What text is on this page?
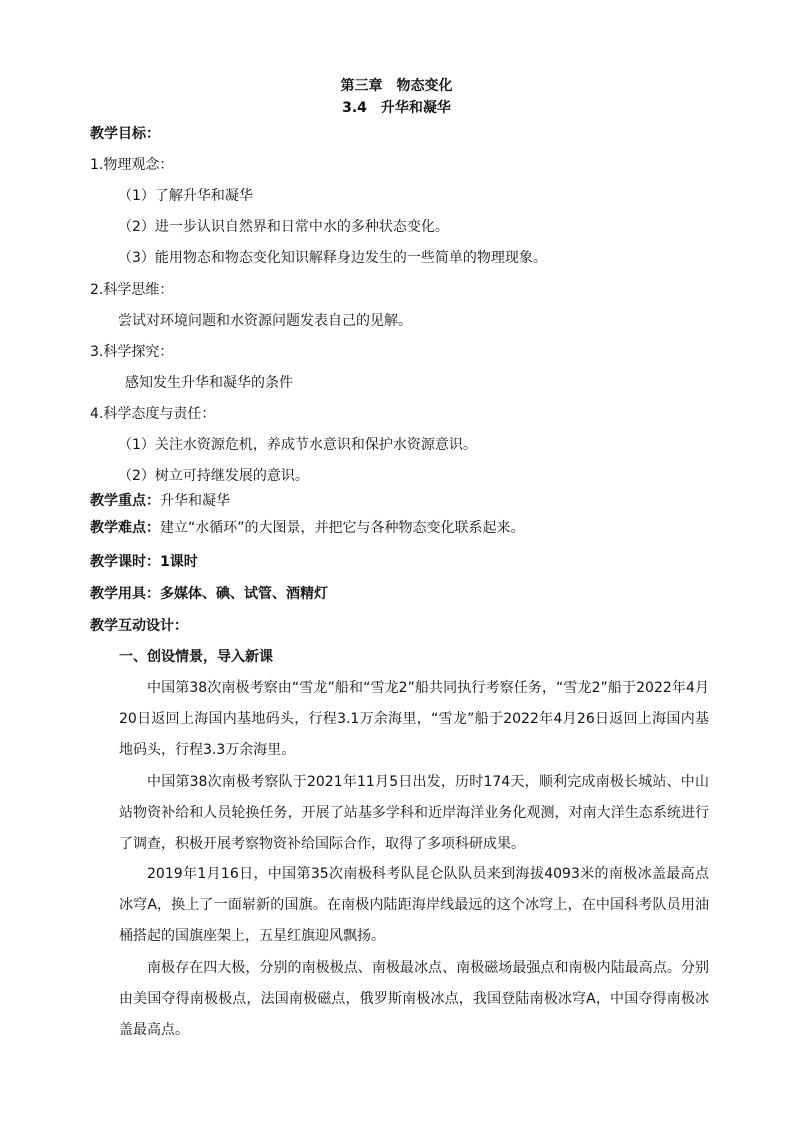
第三章　物态变化
3.4　升华和凝华
教学目标：
1.物理观念：
（1）了解升华和凝华
（2）进一步认识自然界和日常中水的多种状态变化。
（3）能用物态和物态变化知识解释身边发生的一些简单的物理现象。
2.科学思维：
尝试对环境问题和水资源问题发表自己的见解。
3.科学探究：
感知发生升华和凝华的条件
4.科学态度与责任：
（1）关注水资源危机，养成节水意识和保护水资源意识。
（2）树立可持继发展的意识。
教学重点：升华和凝华
教学难点：建立“水循环”的大图景，并把它与各种物态变化联系起来。
教学课时：1课时
教学用具：多媒体、碘、试管、酒精灯
教学互动设计：
一、创设情景，导入新课

中国第38次南极考察由“雪龙”船和“雪龙2”船共同执行考察任务，“雪龙2”船于2022年4月20日返回上海国内基地码头，行程3.1万余海里，“雪龙”船于2022年4月26日返回上海国内基地码头，行程3.3万余海里。

中国第38次南极考察队于2021年11月5日出发，历时174天，顺利完成南极长城站、中山站物资补给和人员轮换任务，开展了站基多学科和近岸海洋业务化观测，对南大洋生态系统进行了调查，积极开展考察物资补给国际合作，取得了多项科研成果。

2019年1月16日，中国第35次南极科考队昆仑队队员来到海拔4093米的南极冰盖最高点冰穹A，换上了一面崭新的国旗。在南极内陆距海岸线最远的这个冰穹上，在中国科考队员用油桶搭起的国旗座架上，五星红旗迎风飘扬。

南极存在四大极，分别的南极极点、南极最冰点、南极磁场最强点和南极内陆最高点。分别由美国夺得南极极点，法国南极磁点，俄罗斯南极冰点，我国登陆南极冰穹A，中国夺得南极冰盖最高点。
